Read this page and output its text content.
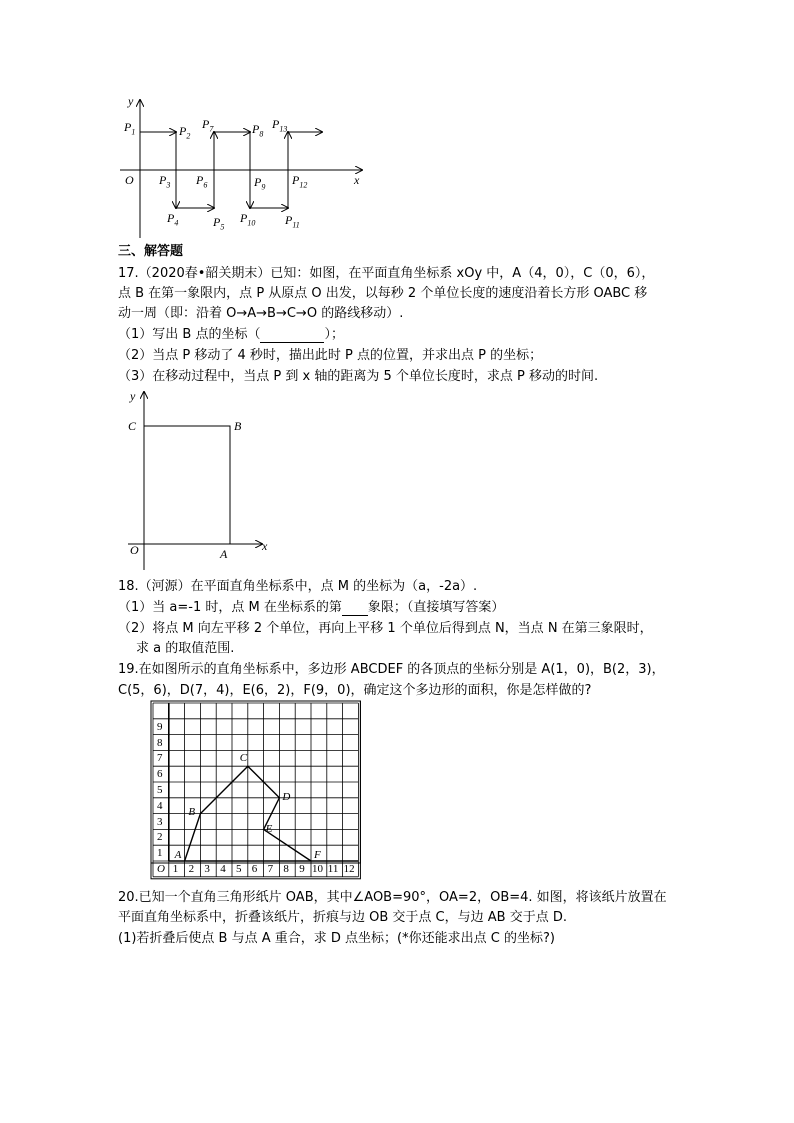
y
x
O
$P_1$	$P_2$
$P_3$
$P_4$	$P_5$
$P_6$
$P_7$	$P_8$
$P_9$
$P_{10}$ $P_{11}$
$P_{12}$
$P_{13}$
三、解答题
17.（2020春•韶关期末）已知：如图，在平面直角坐标系 xOy 中，A（4，0），C（0，6），
点 B 在第一象限内，点 P 从原点 O 出发，以每秒 2 个单位长度的速度沿着长方形 OABC 移
动一周（即：沿着 O→A→B→C→O 的路线移动）.
（1）写出 B 点的坐标（	）；
（2）当点 P 移动了 4 秒时，描出此时 P 点的位置，并求出点 P 的坐标；
（3）在移动过程中，当点 P 到 x 轴的距离为 5 个单位长度时，求点 P 移动的时间.
y
x
C	B
O	A
18.（河源）在平面直角坐标系中，点 M 的坐标为（a，-2a）.
（1）当 a=-1 时，点 M 在坐标系的第 象限；（直接填写答案）
（2）将点 M 向左平移 2 个单位，再向上平移 1 个单位后得到点 N，当点 N 在第三象限时，
求 a 的取值范围.
19.在如图所示的直角坐标系中，多边形 ABCDEF 的各顶点的坐标分别是 A(1，0)，B(2，3)，
C(5，6)，D(7，4)，E(6，2)，F(9，0)，确定这个多边形的面积，你是怎样做的?
1
2
3
4
5
6
7
8
9
1 2 3 4 5 6 7 8 9 10 11 12
O
A
B
C
D
E
F
20.已知一个直角三角形纸片 OAB，其中∠AOB=90°，OA=2，OB=4. 如图，将该纸片放置在
平面直角坐标系中，折叠该纸片，折痕与边 OB 交于点 C，与边 AB 交于点 D.
(1)若折叠后使点 B 与点 A 重合，求 D 点坐标；(*你还能求出点 C 的坐标?)
